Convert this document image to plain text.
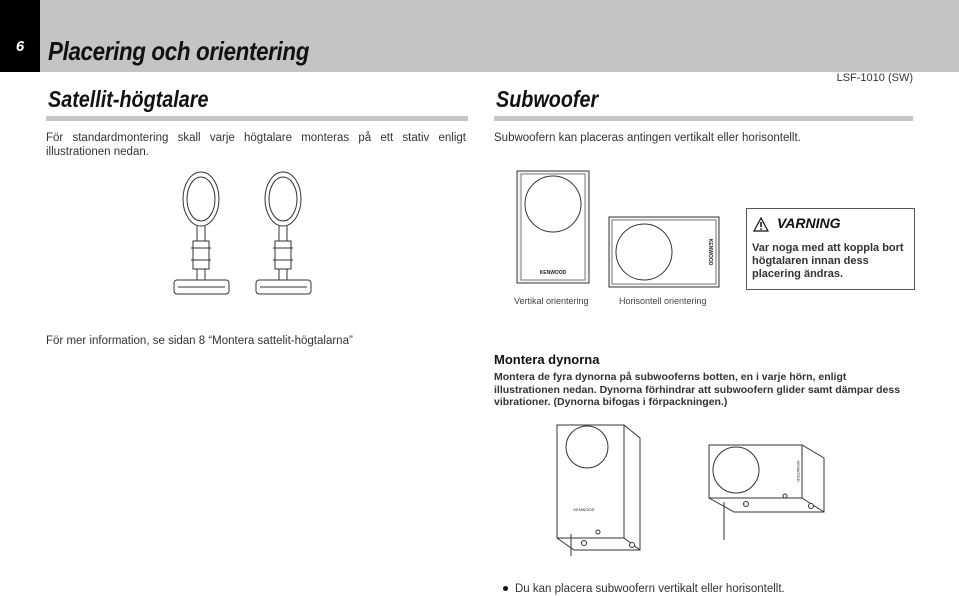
6 Placering och orientering
LSF-1010 (SW)
Satellit-högtalare
För standardmontering skall varje högtalare monteras på ett stativ enligt illustrationen nedan.
För mer information, se sidan 8 “Montera sattelit-högtalarna”
Subwoofer
Subwoofern kan placeras antingen vertikalt eller horisontellt.
KENWOOD
KENWOOD
Vertikal orientering	Horisontell orientering
VARNING
Var noga med att koppla bort högtalaren innan dess placering ändras.
Montera dynorna
Montera de fyra dynorna på subwooferns botten, en i varje hörn, enligt illustrationen nedan. Dynorna förhindrar att subwoofern glider samt dämpar dess vibrationer. (Dynorna bifogas i förpackningen.)
KENWOOD
KENWOOD
Du kan placera subwoofern vertikalt eller horisontellt.
